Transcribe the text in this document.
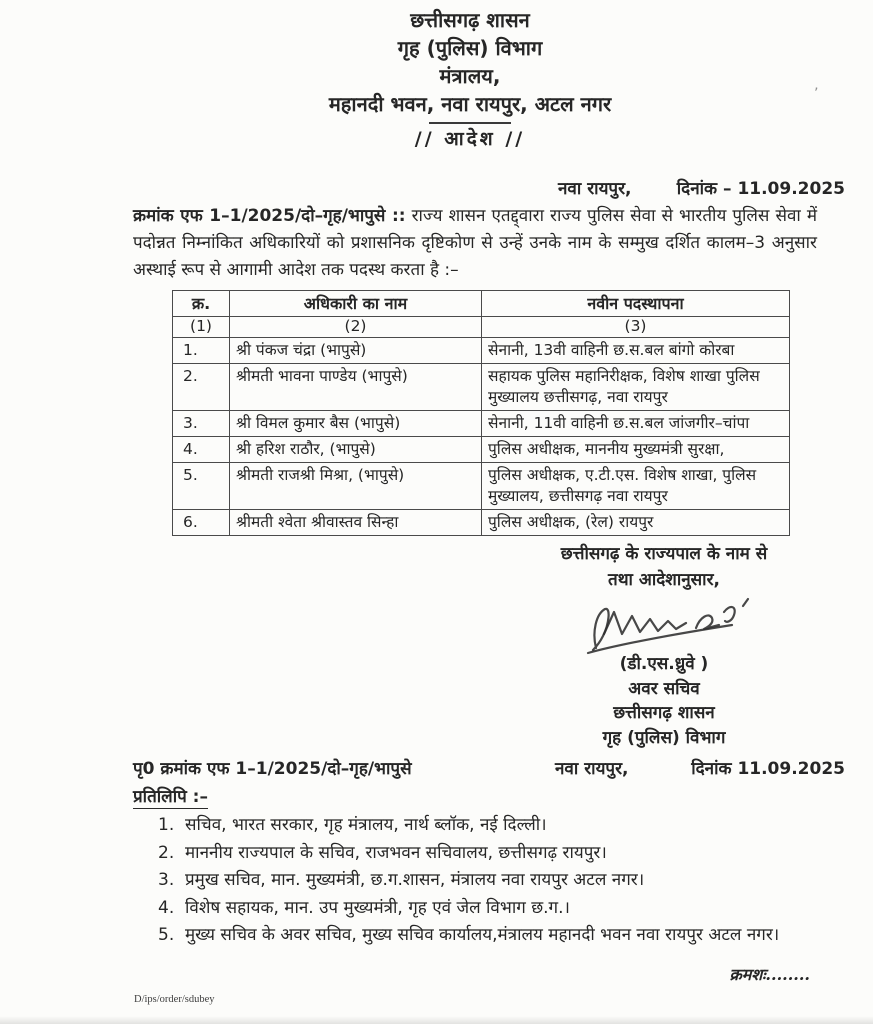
छत्तीसगढ़ शासन
गृह (पुलिस) विभाग
मंत्रालय,
महानदी भवन, नवा रायपुर, अटल नगर
// आदेश //
नवा रायपुर,	दिनांक – 11.09.2025
क्रमांक एफ 1–1/2025/दो–गृह/भापुसे :: राज्य शासन एतद्द्वारा राज्य पुलिस सेवा से भारतीय पुलिस सेवा में पदोन्नत निम्नांकित अधिकारियों को प्रशासनिक दृष्टिकोण से उन्हें उनके नाम के सम्मुख दर्शित कालम–3 अनुसार अस्थाई रूप से आगामी आदेश तक पदस्थ करता है :–
क्र.	अधिकारी का नाम	नवीन पदस्थापना
(1)	(2)	(3)
1.	श्री पंकज चंद्रा (भापुसे)	सेनानी, 13वी वाहिनी छ.स.बल बांगो कोरबा
2.	श्रीमती भावना पाण्डेय (भापुसे)	सहायक पुलिस महानिरीक्षक, विशेष शाखा पुलिस मुख्यालय छत्तीसगढ़, नवा रायपुर
3.	श्री विमल कुमार बैस (भापुसे)	सेनानी, 11वी वाहिनी छ.स.बल जांजगीर–चांपा
4.	श्री हरिश राठौर, (भापुसे)	पुलिस अधीक्षक, माननीय मुख्यमंत्री सुरक्षा,
5.	श्रीमती राजश्री मिश्रा, (भापुसे)	पुलिस अधीक्षक, ए.टी.एस. विशेष शाखा, पुलिस मुख्यालय, छत्तीसगढ़ नवा रायपुर
6.	श्रीमती श्वेता श्रीवास्तव सिन्हा	पुलिस अधीक्षक, (रेल) रायपुर
छत्तीसगढ़ के राज्यपाल के नाम से
तथा आदेशानुसार,
(डी.एस.ध्रुवे )
अवर सचिव
छत्तीसगढ़ शासन
गृह (पुलिस) विभाग
पृ0 क्रमांक एफ 1–1/2025/दो–गृह/भापुसे	नवा रायपुर,	दिनांक 11.09.2025
प्रतिलिपि :–
1. सचिव, भारत सरकार, गृह मंत्रालय, नार्थ ब्लॉक, नई दिल्ली।
2. माननीय राज्यपाल के सचिव, राजभवन सचिवालय, छत्तीसगढ़ रायपुर।
3. प्रमुख सचिव, मान. मुख्यमंत्री, छ.ग.शासन, मंत्रालय नवा रायपुर अटल नगर।
4. विशेष सहायक, मान. उप मुख्यमंत्री, गृह एवं जेल विभाग छ.ग.।
5. मुख्य सचिव के अवर सचिव, मुख्य सचिव कार्यालय,मंत्रालय महानदी भवन नवा रायपुर अटल नगर।
क्रमशः........
D/ips/order/sdubey
’
